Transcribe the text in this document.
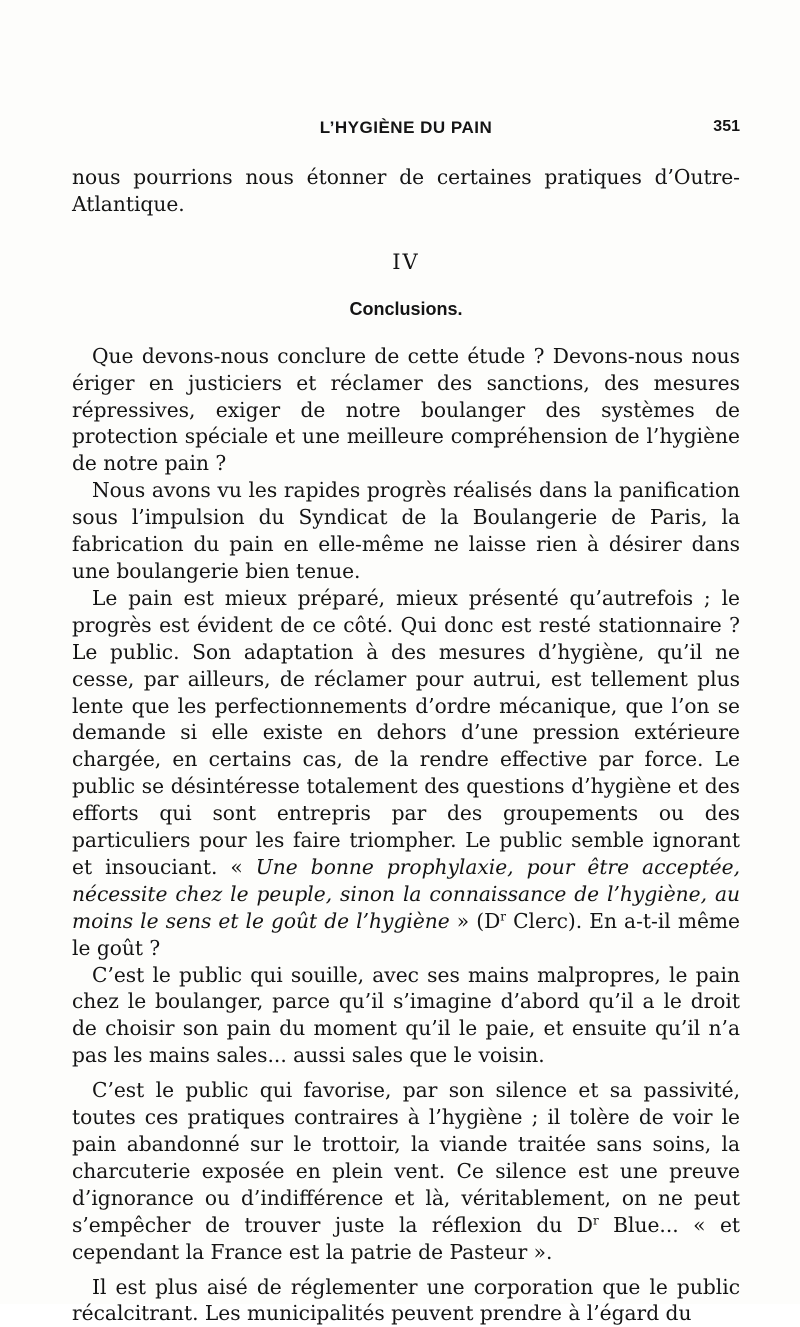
L’HYGIÈNE DU PAIN	351

nous pourrions nous étonner de certaines pratiques d’Outre-Atlantique.

IV
Conclusions.

Que devons-nous conclure de cette étude ? Devons-nous nous ériger en justiciers et réclamer des sanctions, des mesures répressives, exiger de notre boulanger des systèmes de protection spéciale et une meilleure compréhension de l’hygiène de notre pain ?

Nous avons vu les rapides progrès réalisés dans la panification sous l’impulsion du Syndicat de la Boulangerie de Paris, la fabrication du pain en elle-même ne laisse rien à désirer dans une boulangerie bien tenue.

Le pain est mieux préparé, mieux présenté qu’autrefois ; le progrès est évident de ce côté. Qui donc est resté stationnaire ? Le public. Son adaptation à des mesures d’hygiène, qu’il ne cesse, par ailleurs, de réclamer pour autrui, est tellement plus lente que les perfectionnements d’ordre mécanique, que l’on se demande si elle existe en dehors d’une pression extérieure chargée, en certains cas, de la rendre effective par force. Le public se désintéresse totalement des questions d’hygiène et des efforts qui sont entrepris par des groupements ou des particuliers pour les faire triompher. Le public semble ignorant et insouciant. « Une bonne prophylaxie, pour être acceptée, nécessite chez le peuple, sinon la connaissance de l’hygiène, au moins le sens et le goût de l’hygiène » ($D^r$ Clerc). En a-t-il même le goût ?

C’est le public qui souille, avec ses mains malpropres, le pain chez le boulanger, parce qu’il s’imagine d’abord qu’il a le droit de choisir son pain du moment qu’il le paie, et ensuite qu’il n’a pas les mains sales... aussi sales que le voisin.

C’est le public qui favorise, par son silence et sa passivité, toutes ces pratiques contraires à l’hygiène ; il tolère de voir le pain abandonné sur le trottoir, la viande traitée sans soins, la charcuterie exposée en plein vent. Ce silence est une preuve d’ignorance ou d’indifférence et là, véritablement, on ne peut s’empêcher de trouver juste la réflexion du $D^r$ Blue... « et cependant la France est la patrie de Pasteur ».

Il est plus aisé de réglementer une corporation que le public récalcitrant. Les municipalités peuvent prendre à l’égard du
